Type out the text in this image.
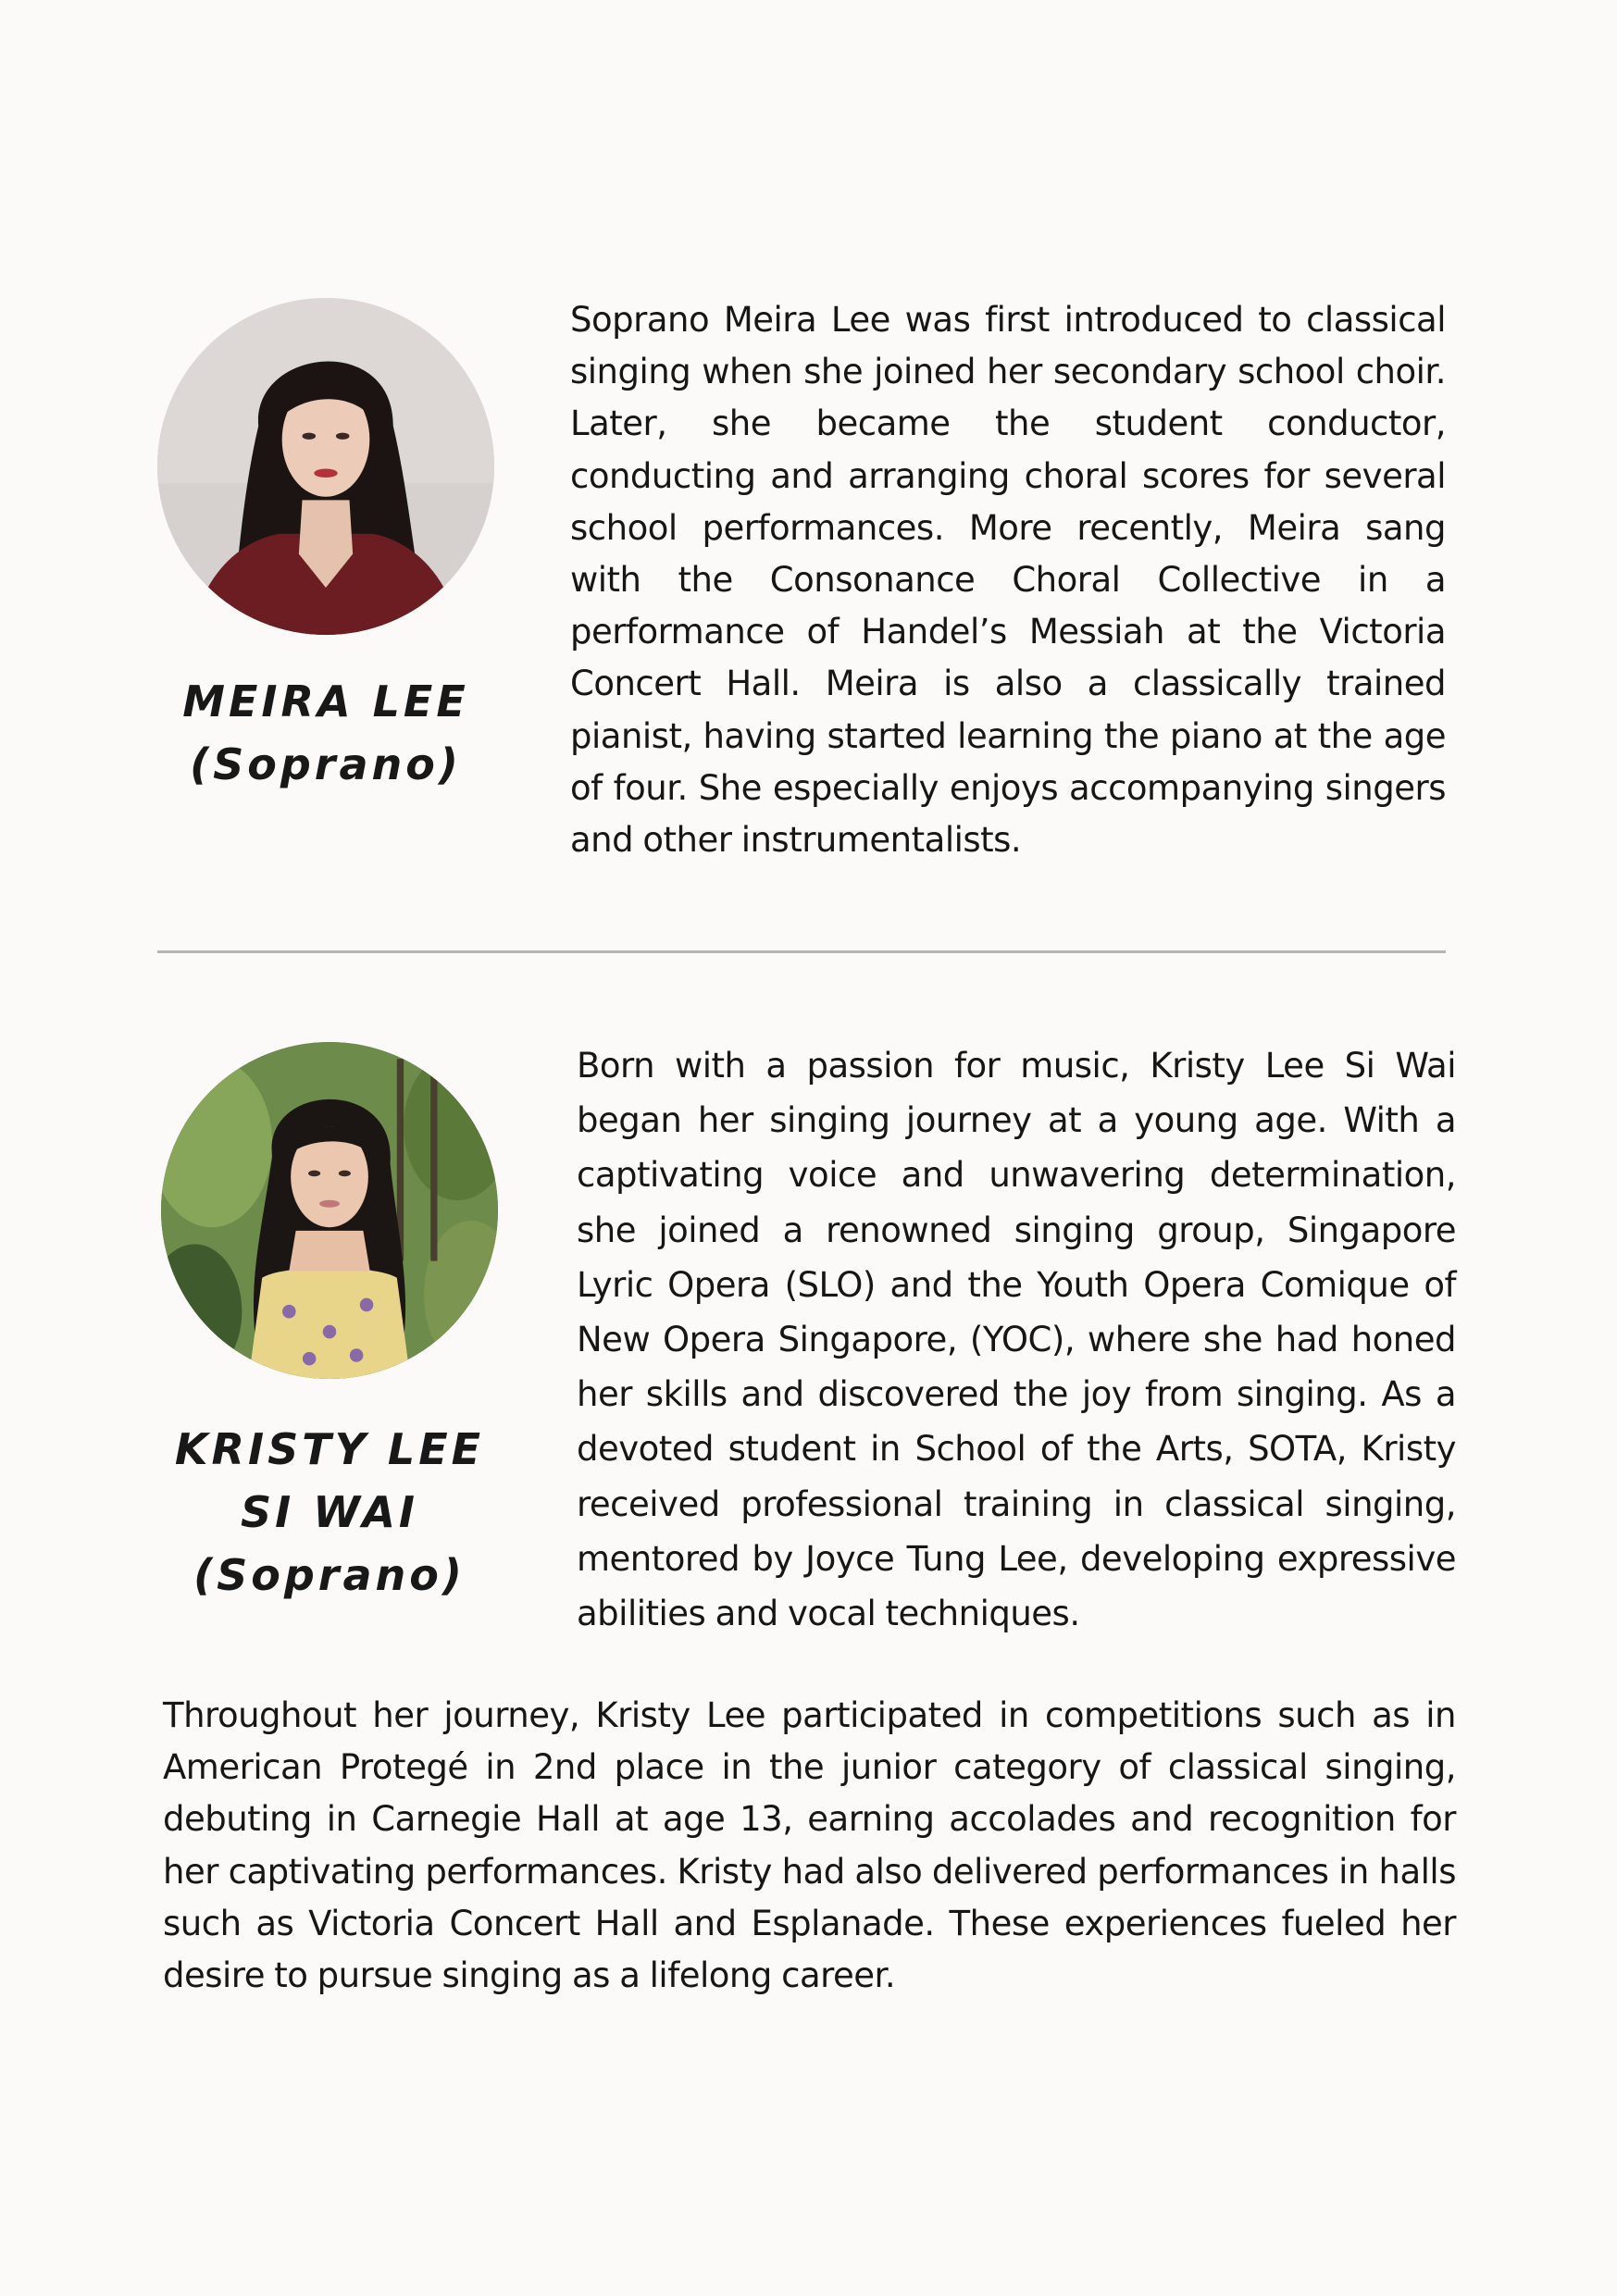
MEIRA LEE
(Soprano)

Soprano Meira Lee was first introduced to classical singing when she joined her secondary school choir. Later, she became the student conductor, conducting and arranging choral scores for several school performances. More recently, Meira sang with the Consonance Choral Collective in a performance of Handel’s Messiah at the Victoria Concert Hall. Meira is also a classically trained pianist, having started learning the piano at the age of four. She especially enjoys accompanying singers and other instrumentalists.

KRISTY LEE
SI WAI
(Soprano)

Born with a passion for music, Kristy Lee Si Wai began her singing journey at a young age. With a captivating voice and unwavering determination, she joined a renowned singing group, Singapore Lyric Opera (SLO) and the Youth Opera Comique of New Opera Singapore, (YOC), where she had honed her skills and discovered the joy from singing. As a devoted student in School of the Arts, SOTA, Kristy received professional training in classical singing, mentored by Joyce Tung Lee, developing expressive abilities and vocal techniques.

Throughout her journey, Kristy Lee participated in competitions such as in American Protegé in 2nd place in the junior category of classical singing, debuting in Carnegie Hall at age 13, earning accolades and recognition for her captivating performances. Kristy had also delivered performances in halls such as Victoria Concert Hall and Esplanade. These experiences fueled her desire to pursue singing as a lifelong career.
